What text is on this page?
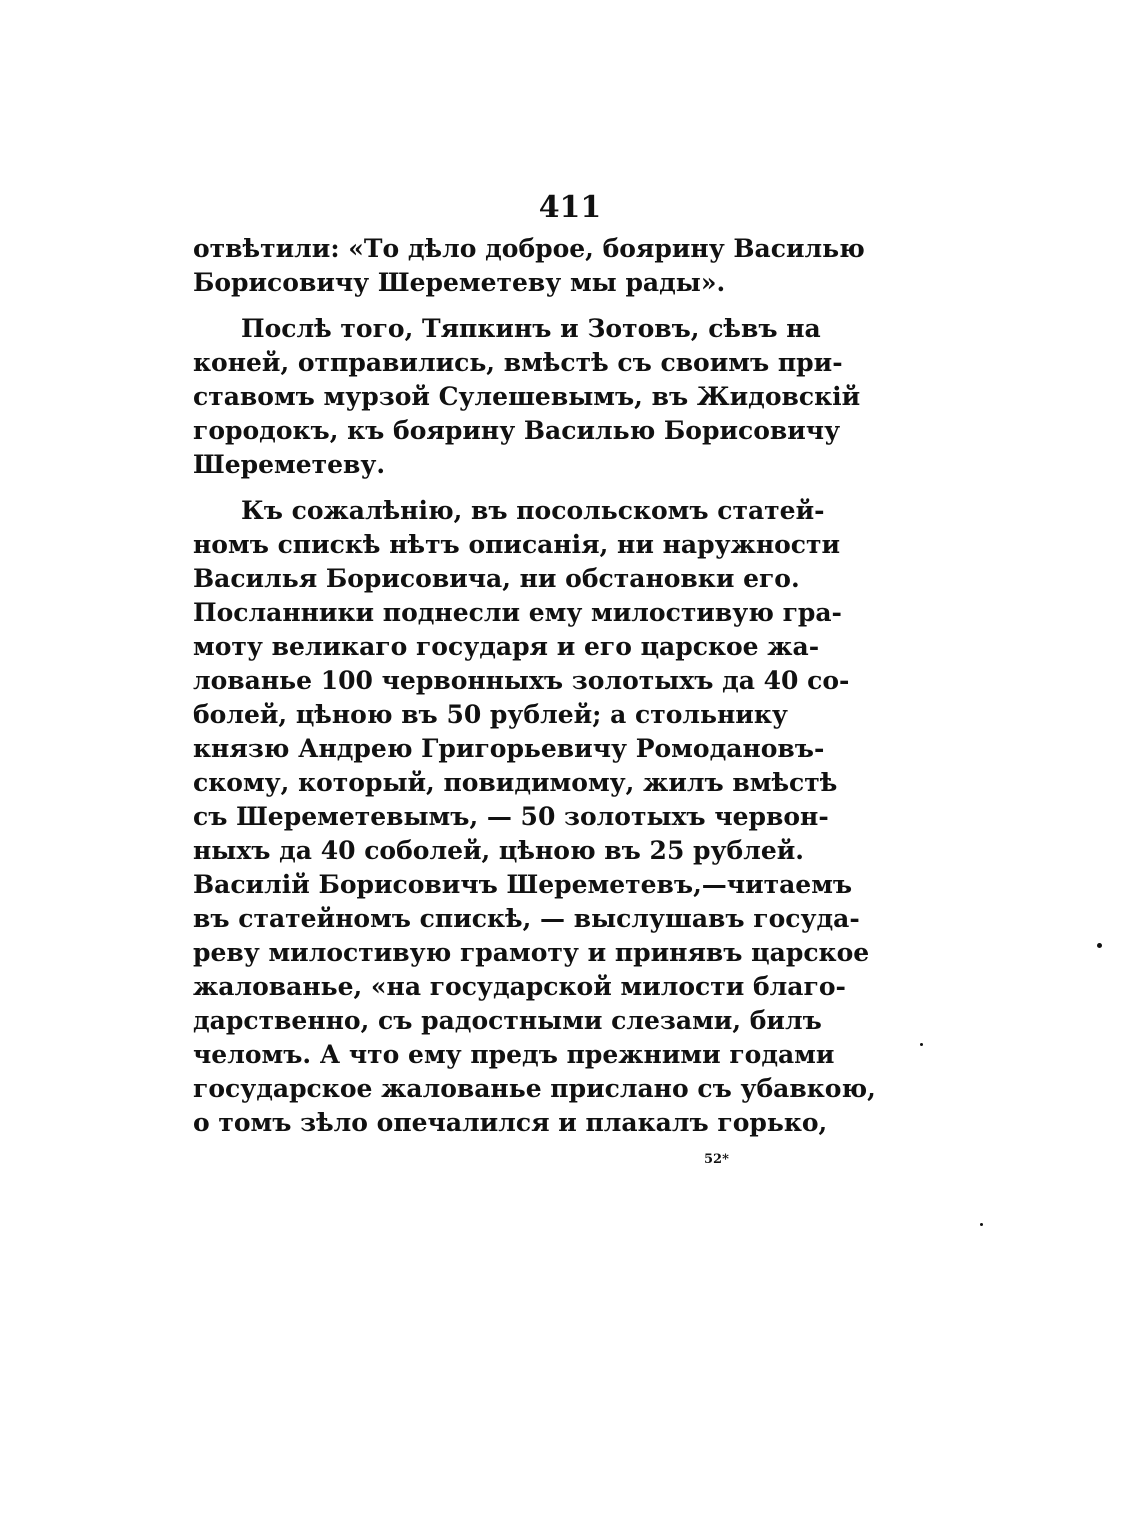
411
отвѣтили: «То дѣло доброе, боярину Василью
Борисовичу Шереметеву мы рады».
Послѣ того, Тяпкинъ и Зотовъ, сѣвъ на
коней, отправились, вмѣстѣ съ своимъ при-
ставомъ мурзой Сулешевымъ, въ Жидовскій
городокъ, къ боярину Василью Борисовичу
Шереметеву.
Къ сожалѣнію, въ посольскомъ статей-
номъ спискѣ нѣтъ описанія, ни наружности
Василья Борисовича, ни обстановки его.
Посланники поднесли ему милостивую гра-
моту великаго государя и его царское жа-
лованье 100 червонныхъ золотыхъ да 40 со-
болей, цѣною въ 50 рублей; а стольнику
князю Андрею Григорьевичу Ромодановъ-
скому, который, повидимому, жилъ вмѣстѣ
съ Шереметевымъ, — 50 золотыхъ червон-
ныхъ да 40 соболей, цѣною въ 25 рублей.
Василій Борисовичъ Шереметевъ,—читаемъ
въ статейномъ спискѣ, — выслушавъ госуда-
реву милостивую грамоту и принявъ царское
жалованье, «на государской милости благо-
дарственно, съ радостными слезами, билъ
челомъ. А что ему предъ прежними годами
государское жалованье прислано съ убавкою,
о томъ зѣло опечалился и плакалъ горько,
52*
